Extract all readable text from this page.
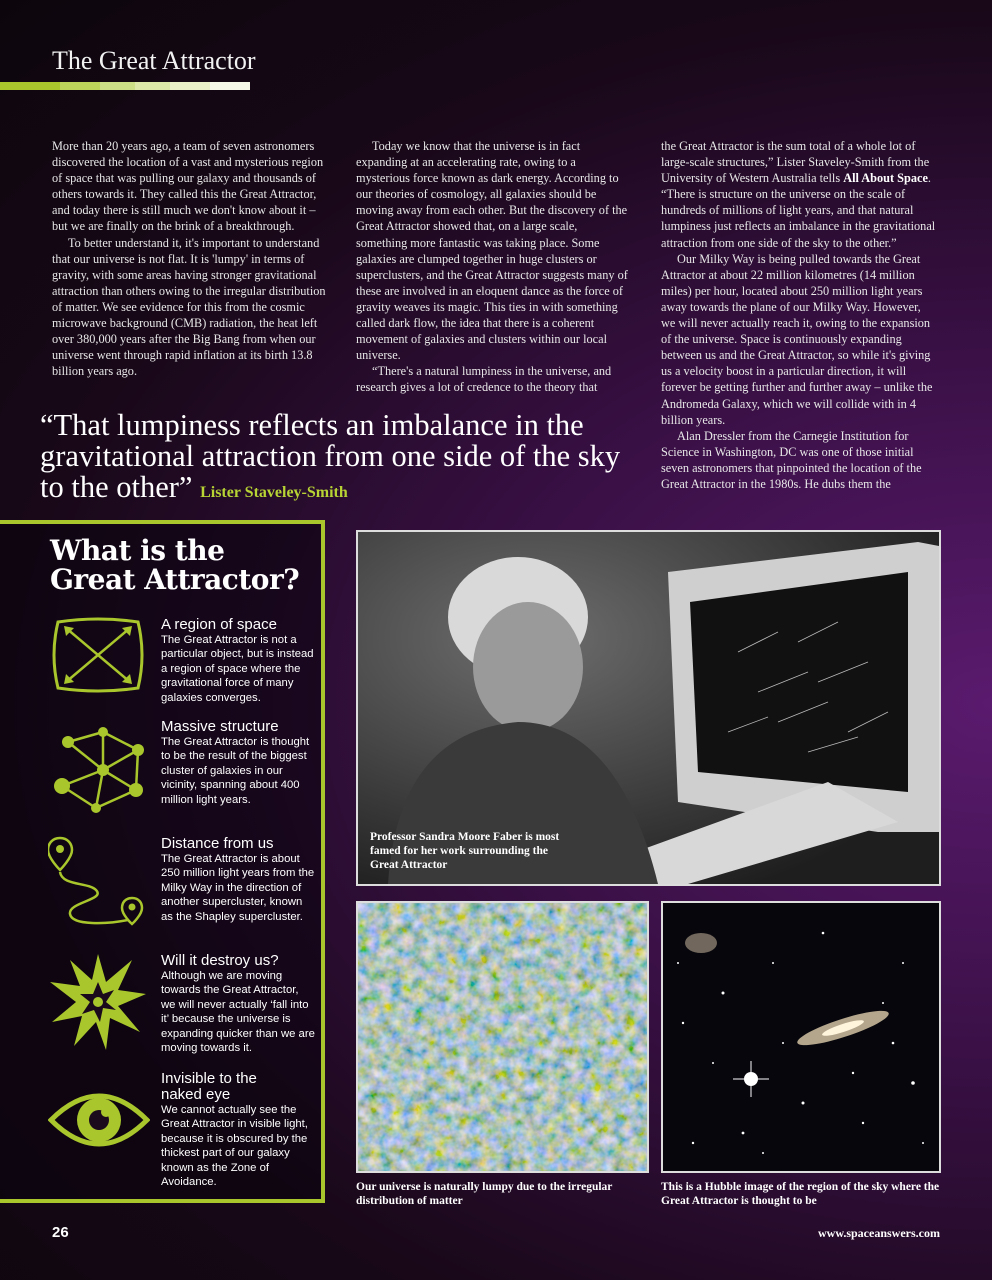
The Great Attractor

More than 20 years ago, a team of seven astronomers discovered the location of a vast and mysterious region of space that was pulling our galaxy and thousands of others towards it. They called this the Great Attractor, and today there is still much we don't know about it – but we are finally on the brink of a breakthrough.

To better understand it, it's important to understand that our universe is not flat. It is 'lumpy' in terms of gravity, with some areas having stronger gravitational attraction than others owing to the irregular distribution of matter. We see evidence for this from the cosmic microwave background (CMB) radiation, the heat left over 380,000 years after the Big Bang from when our universe went through rapid inflation at its birth 13.8 billion years ago.

Today we know that the universe is in fact expanding at an accelerating rate, owing to a mysterious force known as dark energy. According to our theories of cosmology, all galaxies should be moving away from each other. But the discovery of the Great Attractor showed that, on a large scale, something more fantastic was taking place. Some galaxies are clumped together in huge clusters or superclusters, and the Great Attractor suggests many of these are involved in an eloquent dance as the force of gravity weaves its magic. This ties in with something called dark flow, the idea that there is a coherent movement of galaxies and clusters within our local universe.

“There's a natural lumpiness in the universe, and research gives a lot of credence to the theory that

the Great Attractor is the sum total of a whole lot of large-scale structures,” Lister Staveley-Smith from the University of Western Australia tells All About Space. “There is structure on the universe on the scale of hundreds of millions of light years, and that natural lumpiness just reflects an imbalance in the gravitational attraction from one side of the sky to the other.”

Our Milky Way is being pulled towards the Great Attractor at about 22 million kilometres (14 million miles) per hour, located about 250 million light years away towards the plane of our Milky Way. However, we will never actually reach it, owing to the expansion of the universe. Space is continuously expanding between us and the Great Attractor, so while it's giving us a velocity boost in a particular direction, it will forever be getting further and further away – unlike the Andromeda Galaxy, which we will collide with in 4 billion years.

Alan Dressler from the Carnegie Institution for Science in Washington, DC was one of those initial seven astronomers that pinpointed the location of the Great Attractor in the 1980s. He dubs them the

“That lumpiness reflects an imbalance in the gravitational attraction from one side of the sky to the other” Lister Staveley-Smith
What is the
Great Attractor?
A region of space
The Great Attractor is not a particular object, but is instead a region of space where the gravitational force of many galaxies converges.
Massive structure
The Great Attractor is thought to be the result of the biggest cluster of galaxies in our vicinity, spanning about 400 million light years.
Distance from us
The Great Attractor is about 250 million light years from the Milky Way in the direction of another supercluster, known as the Shapley supercluster.
Will it destroy us?
Although we are moving towards the Great Attractor, we will never actually ‘fall into it’ because the universe is expanding quicker than we are moving towards it.
Invisible to the naked eye
We cannot actually see the Great Attractor in visible light, because it is obscured by the thickest part of our galaxy known as the Zone of Avoidance.
Professor Sandra Moore Faber is most famed for her work surrounding the Great Attractor
Our universe is naturally lumpy due to the irregular distribution of matter
This is a Hubble image of the region of the sky where the Great Attractor is thought to be
26	www.spaceanswers.com
